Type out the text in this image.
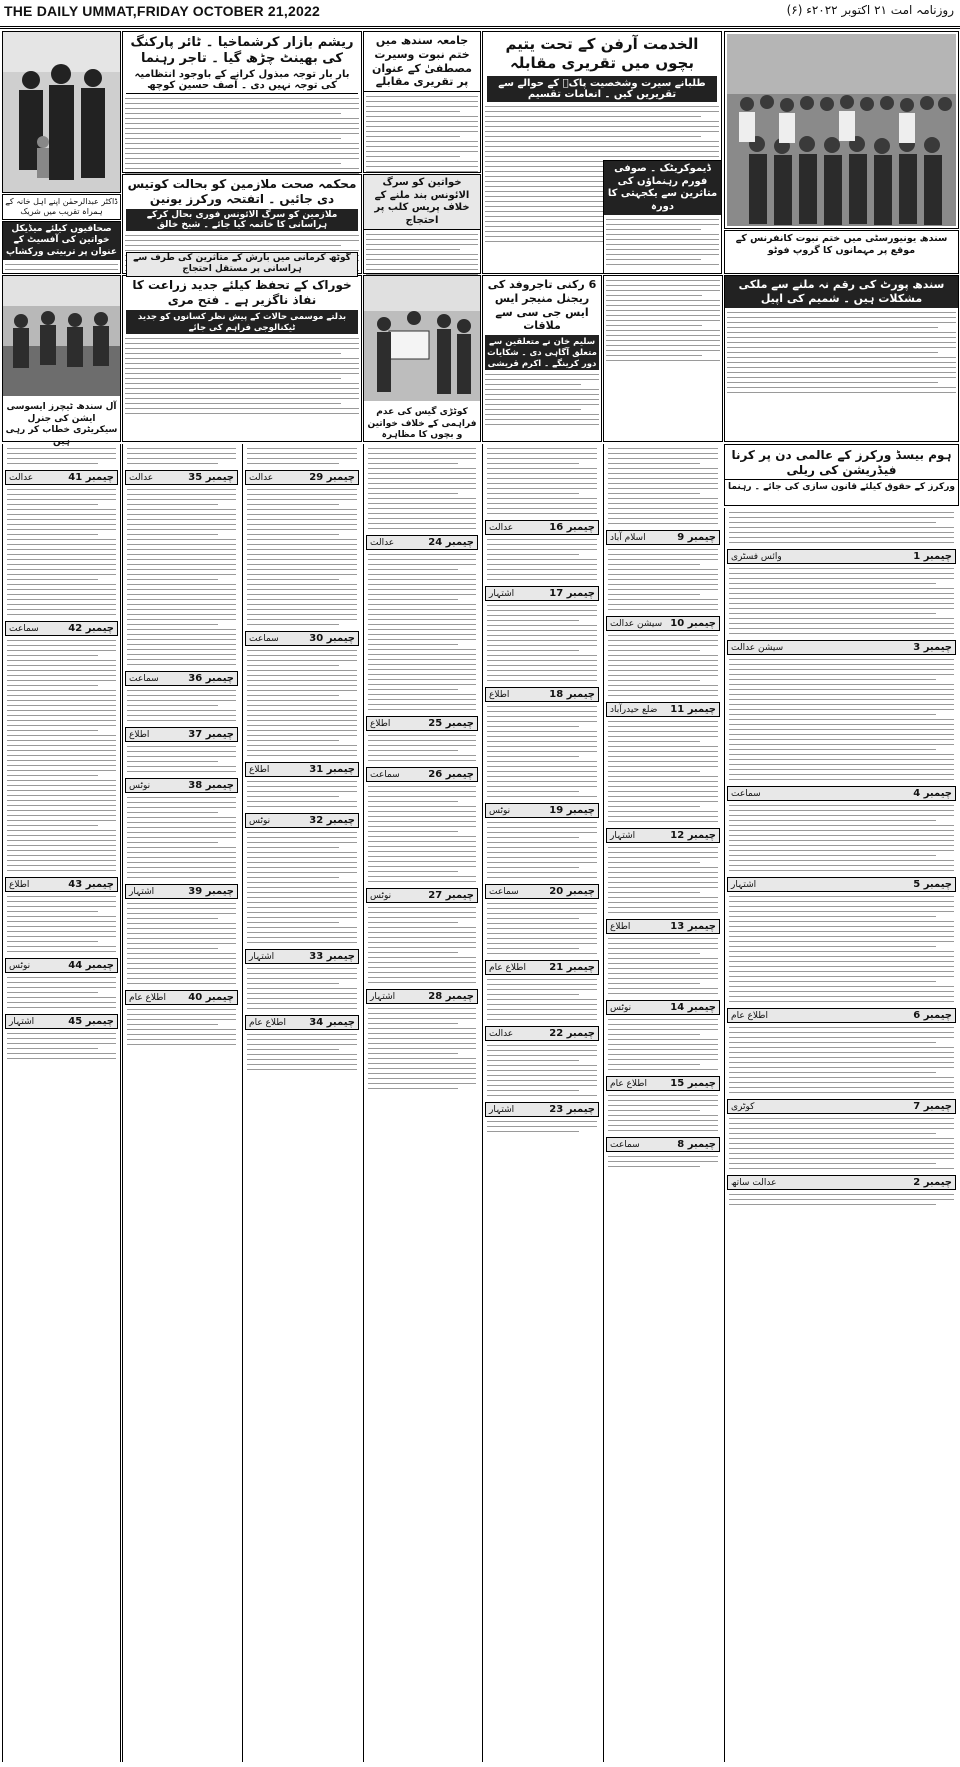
THE DAILY UMMAT,FRIDAY OCTOBER 21,2022	روزنامہ امت ۲۱ اکتوبر ۲۰۲۲ء (۶)
سندھ یونیورسٹی میں ختم نبوت کانفرنس کے موقع پر مہمانوں کا گروپ فوٹو
الخدمت آرفن کے تحت یتیم بچوں میں تقریری مقابلہ
طلبانے سیرت وشخصیت پاکؐ کے حوالے سے تقریریں کیں ۔ انعامات تقسیم
جامعہ سندھ میں ختم نبوت وسیرت مصطفیٰ کے عنوان پر تقریری مقابلے
ریشم بازار کرشماخیا ۔ ٹائر پارکنگ کی بھینٹ چڑھ گیا ۔ تاجر رہنما
بار بار توجہ مبذول کرانے کے باوجود انتظامیہ کی توجہ نہیں دی ۔ آصف حسین کوچھ
ڈاکٹر عبدالرحمٰن اپنے اہل خانہ کے ہمراہ تقریب میں شریک
خواتین کو سرگ الائونس بند ملنے کے خلاف پریس کلب پر احتجاج
ڈیموکریٹک ۔ صوفی فورم رہنماؤں کی متاثرین سے یکجہتی کا دورہ
محکمہ صحت ملازمین کو بحالت کوتیس دی جائیں ۔ اتفتحہ ورکرز یونین
ملازمین کو سرگ الائونس فوری بحال کرکے ہراسانی کا خاتمہ کیا جائے ۔ شیخ خالق
صحافیوں کیلئے میڈیکل خواتین کی آفسیٹ کے عنوان پر تربیتی ورکشاپ
سندھ پورٹ کی رقم نہ ملنے سے ملکی مشکلات ہیں ۔ شمیم کی اپیل
6 رکنی تاجروفد کی ریجنل منیجر ایس ایس جی سی سے ملاقات
سلیم خان نے متعلقین سے متعلق آگاہی دی ۔ شکایات دور کرینگے ۔ اکرم قریشی
کوٹڑی گیس کی عدم فراہمی کے خلاف خواتین و بچوں کا مظاہرہ
خوراک کے تحفظ کیلئے جدید زراعت کا نفاذ ناگزیر ہے ۔ فتح مری
بدلتے موسمی حالات کے پیش نظر کسانوں کو جدید ٹیکنالوجی فراہم کی جائے
آل سندھ ٹیچرز ایسوسی ایشن کی جنرل سیکریٹری خطاب کر رہی ہیں
ہوم بیسڈ ورکرز کے عالمی دن پر کرنا فیڈریشن کی ریلی
ورکرز کے حقوق کیلئے قانون سازی کی جائے ۔ رہنما
چیمبر 1
وائس فسٹری
چیمبر 3
سیشن عدالت
چیمبر 4
سماعت
چیمبر 5
اشتہار
چیمبر 6
اطلاع عام
چیمبر 7
کوٹری
چیمبر 2
عدالت ساتھ
چیمبر 9
اسلام آباد
چیمبر 10
سیشن عدالت
چیمبر 11
ضلع حیدرآباد
چیمبر 12
اشتہار
چیمبر 13
اطلاع
چیمبر 14
نوٹس
چیمبر 15
اطلاع عام
چیمبر 8
سماعت
چیمبر 16
عدالت
چیمبر 17
اشتہار
چیمبر 18
اطلاع
چیمبر 19
نوٹس
چیمبر 20
سماعت
چیمبر 21
اطلاع عام
چیمبر 22
عدالت
چیمبر 23
اشتہار
چیمبر 24
عدالت
چیمبر 25
اطلاع
چیمبر 26
سماعت
چیمبر 27
نوٹس
چیمبر 28
اشتہار
چیمبر 29
عدالت
چیمبر 30
سماعت
چیمبر 31
اطلاع
چیمبر 32
نوٹس
چیمبر 33
اشتہار
چیمبر 34
اطلاع عام
چیمبر 35
عدالت
چیمبر 36
سماعت
چیمبر 37
اطلاع
چیمبر 38
نوٹس
چیمبر 39
اشتہار
چیمبر 40
اطلاع عام
چیمبر 41
عدالت
چیمبر 42
سماعت
چیمبر 43
اطلاع
چیمبر 44
نوٹس
چیمبر 45
اشتہار
گوٹھ کرمانی میں بارش کے متاثرین کی طرف سے ہراسانی پر مستقل احتجاج
